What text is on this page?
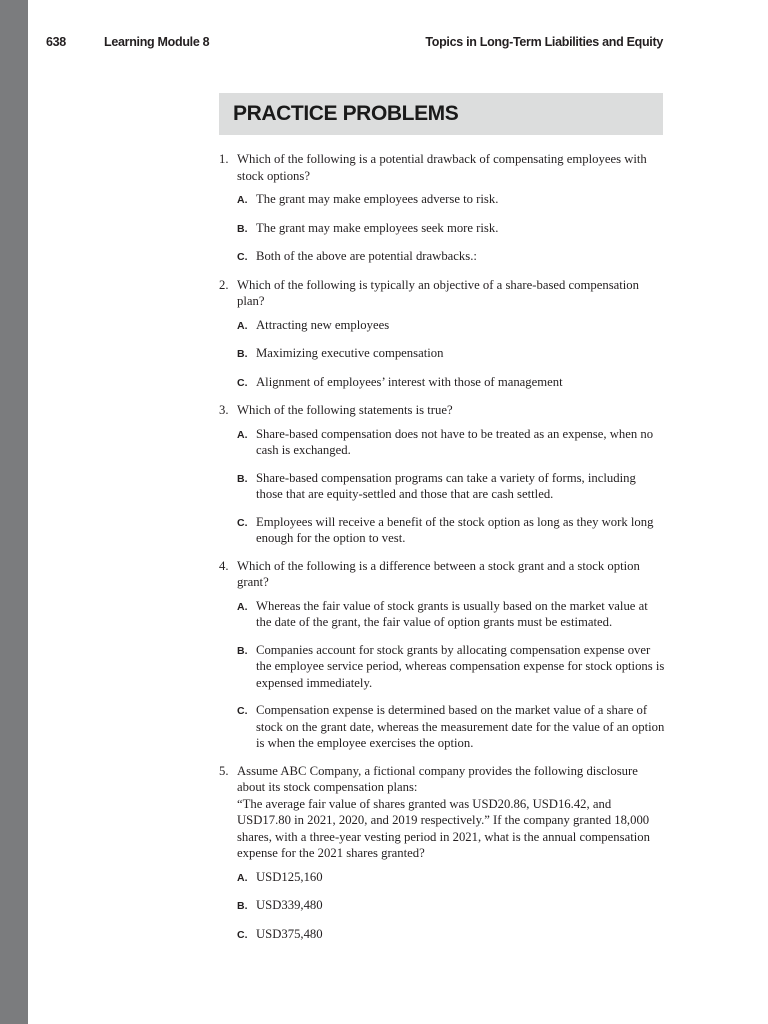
638	Learning Module 8	Topics in Long-Term Liabilities and Equity
PRACTICE PROBLEMS
1. Which of the following is a potential drawback of compensating employees with stock options?
A. The grant may make employees adverse to risk.
B. The grant may make employees seek more risk.
C. Both of the above are potential drawbacks.:
2. Which of the following is typically an objective of a share-based compensation plan?
A. Attracting new employees
B. Maximizing executive compensation
C. Alignment of employees’ interest with those of management
3. Which of the following statements is true?
A. Share-based compensation does not have to be treated as an expense, when no cash is exchanged.
B. Share-based compensation programs can take a variety of forms, including those that are equity-settled and those that are cash settled.
C. Employees will receive a benefit of the stock option as long as they work long enough for the option to vest.
4. Which of the following is a difference between a stock grant and a stock option grant?
A. Whereas the fair value of stock grants is usually based on the market value at the date of the grant, the fair value of option grants must be estimated.
B. Companies account for stock grants by allocating compensation expense over the employee service period, whereas compensation expense for stock options is expensed immediately.
C. Compensation expense is determined based on the market value of a share of stock on the grant date, whereas the measurement date for the value of an option is when the employee exercises the option.
5. Assume ABC Company, a fictional company provides the following disclosure about its stock compensation plans:
“The average fair value of shares granted was USD20.86, USD16.42, and USD17.80 in 2021, 2020, and 2019 respectively.” If the company granted 18,000 shares, with a three-year vesting period in 2021, what is the annual compensation expense for the 2021 shares granted?
A. USD125,160
B. USD339,480
C. USD375,480
